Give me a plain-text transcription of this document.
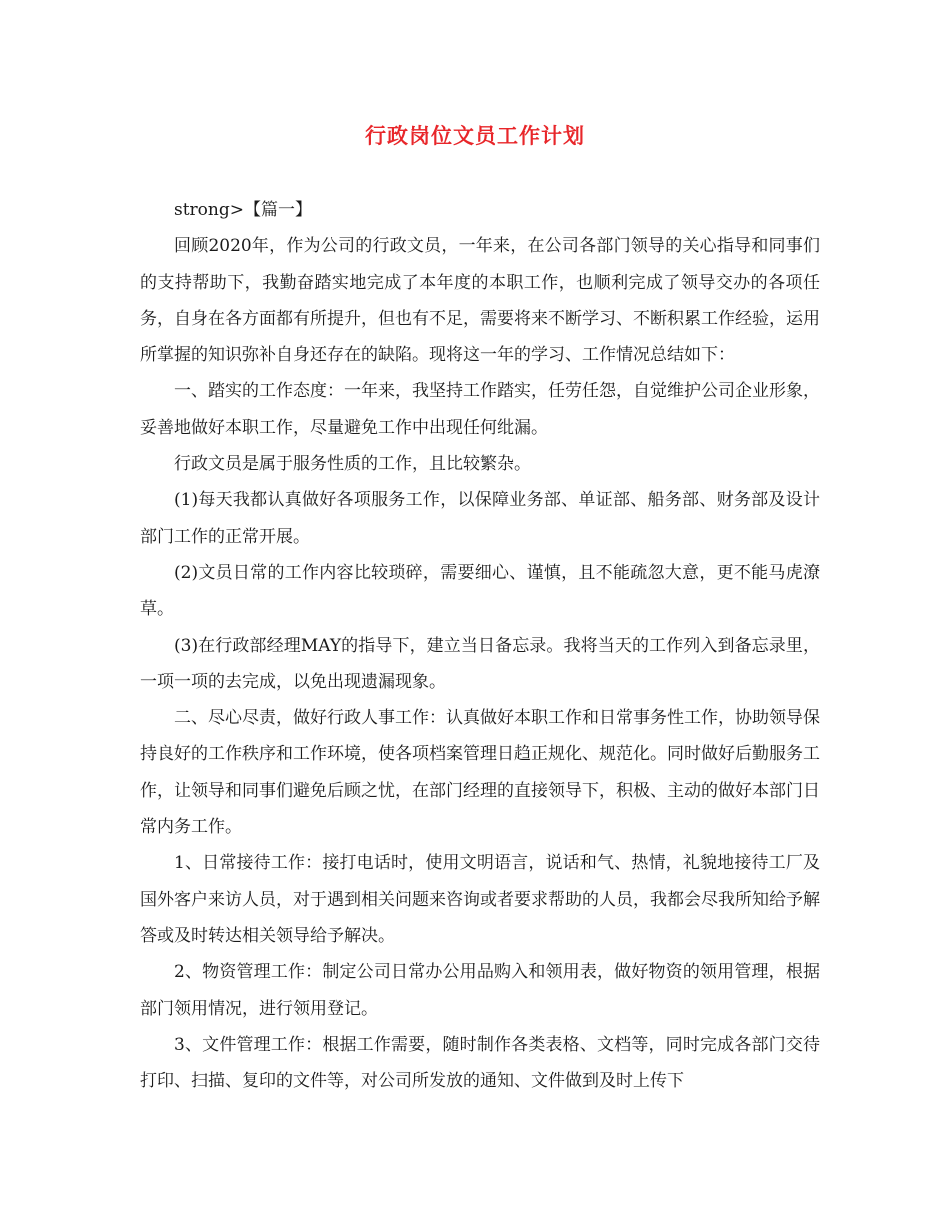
行政岗位文员工作计划

strong>【篇一】

回顾2020年，作为公司的行政文员，一年来，在公司各部门领导的关心指导和同事们的支持帮助下，我勤奋踏实地完成了本年度的本职工作，也顺利完成了领导交办的各项任务，自身在各方面都有所提升，但也有不足，需要将来不断学习、不断积累工作经验，运用所掌握的知识弥补自身还存在的缺陷。现将这一年的学习、工作情况总结如下：

一、踏实的工作态度：一年来，我坚持工作踏实，任劳任怨，自觉维护公司企业形象，妥善地做好本职工作，尽量避免工作中出现任何纰漏。

行政文员是属于服务性质的工作，且比较繁杂。

(1)每天我都认真做好各项服务工作，以保障业务部、单证部、船务部、财务部及设计部门工作的正常开展。

(2)文员日常的工作内容比较琐碎，需要细心、谨慎，且不能疏忽大意，更不能马虎潦草。

(3)在行政部经理MAY的指导下，建立当日备忘录。我将当天的工作列入到备忘录里，一项一项的去完成，以免出现遗漏现象。

二、尽心尽责，做好行政人事工作：认真做好本职工作和日常事务性工作，协助领导保持良好的工作秩序和工作环境，使各项档案管理日趋正规化、规范化。同时做好后勤服务工作，让领导和同事们避免后顾之忧，在部门经理的直接领导下，积极、主动的做好本部门日常内务工作。

1、日常接待工作：接打电话时，使用文明语言，说话和气、热情，礼貌地接待工厂及国外客户来访人员，对于遇到相关问题来咨询或者要求帮助的人员，我都会尽我所知给予解答或及时转达相关领导给予解决。

2、物资管理工作：制定公司日常办公用品购入和领用表，做好物资的领用管理，根据部门领用情况，进行领用登记。

3、文件管理工作：根据工作需要，随时制作各类表格、文档等，同时完成各部门交待打印、扫描、复印的文件等，对公司所发放的通知、文件做到及时上传下
